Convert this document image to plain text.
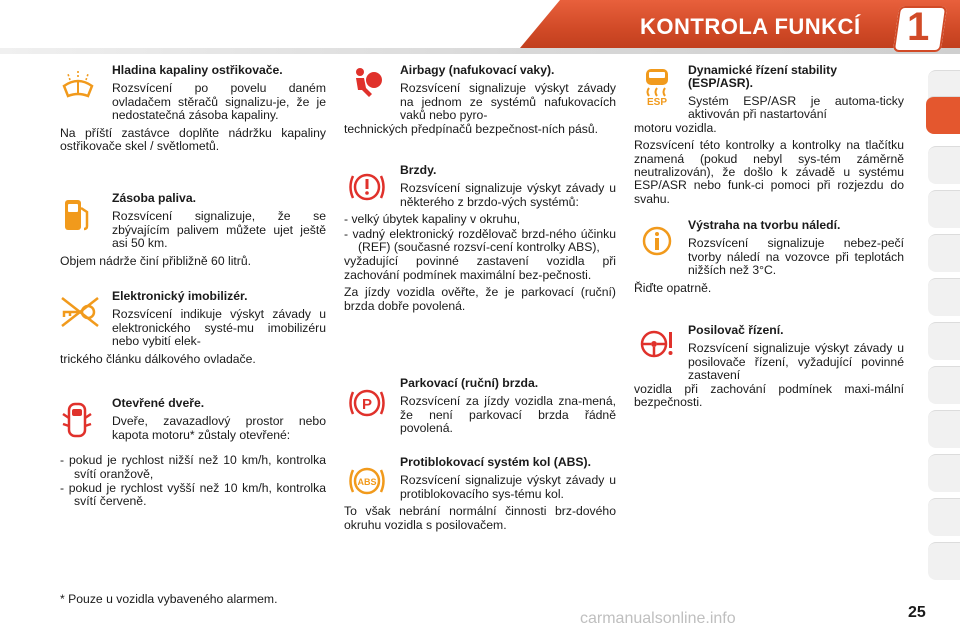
KONTROLA FUNKCÍ 1
Hladina kapaliny ostřikovače.

Rozsvícení po povelu daném ovladačem stěračů signalizu-je, že je nedostatečná zásoba kapaliny.

Na příští zastávce doplňte nádržku kapaliny ostřikovače skel / světlometů.

Zásoba paliva.

Rozsvícení signalizuje, že se zbývajícím palivem můžete ujet ještě asi 50 km.

Objem nádrže činí přibližně 60 litrů.

Elektronický imobilizér.

Rozsvícení indikuje výskyt závady u elektronického systé-mu imobilizéru nebo vybití elek-

trického článku dálkového ovladače.

Otevřené dveře.

Dveře, zavazadlový prostor nebo kapota motoru* zůstaly otevřené:

- pokud je rychlost nižší než 10 km/h, kontrolka svítí oranžově,
- pokud je rychlost vyšší než 10 km/h, kontrolka svítí červeně.
* Pouze u vozidla vybaveného alarmem.
Airbagy (nafukovací vaky).

Rozsvícení signalizuje výskyt závady na jednom ze systémů nafukovacích vaků nebo pyro-

technických předpínačů bezpečnost-ních pásů.

Brzdy.

Rozsvícení signalizuje výskyt závady u některého z brzdo-vých systémů:

- velký úbytek kapaliny v okruhu,
- vadný elektronický rozdělovač brzd-ného účinku (REF) (současné rozsví-cení kontrolky ABS),

vyžadující povinné zastavení vozidla při zachování podmínek maximální bez-pečnosti.

Za jízdy vozidla ověřte, že je parkovací (ruční) brzda dobře povolená.

P
Parkovací (ruční) brzda.

Rozsvícení za jízdy vozidla zna-mená, že není parkovací brzda řádně povolená.

ABS
Protiblokovací systém kol (ABS).

Rozsvícení signalizuje výskyt závady u protiblokovacího sys-tému kol.

To však nebrání normální činnosti brz-dového okruhu vozidla s posilovačem.

ESP
Dynamické řízení stability (ESP/ASR).

Systém ESP/ASR je automa-ticky aktivován při nastartování

motoru vozidla.

Rozsvícení této kontrolky a kontrolky na tlačítku znamená (pokud nebyl sys-tém záměrně neutralizován), že došlo k závadě u systému ESP/ASR nebo funk-ci pomoci při rozjezdu do svahu.

Výstraha na tvorbu náledí.

Rozsvícení signalizuje nebez-pečí tvorby náledí na vozovce při teplotách nižších než 3°C.

Řiďte opatrně.

Posilovač řízení.

Rozsvícení signalizuje výskyt závady u posilovače řízení, vyžadující povinné zastavení

vozidla při zachování podmínek maxi-mální bezpečnosti.

carmanualsonline.info	25
